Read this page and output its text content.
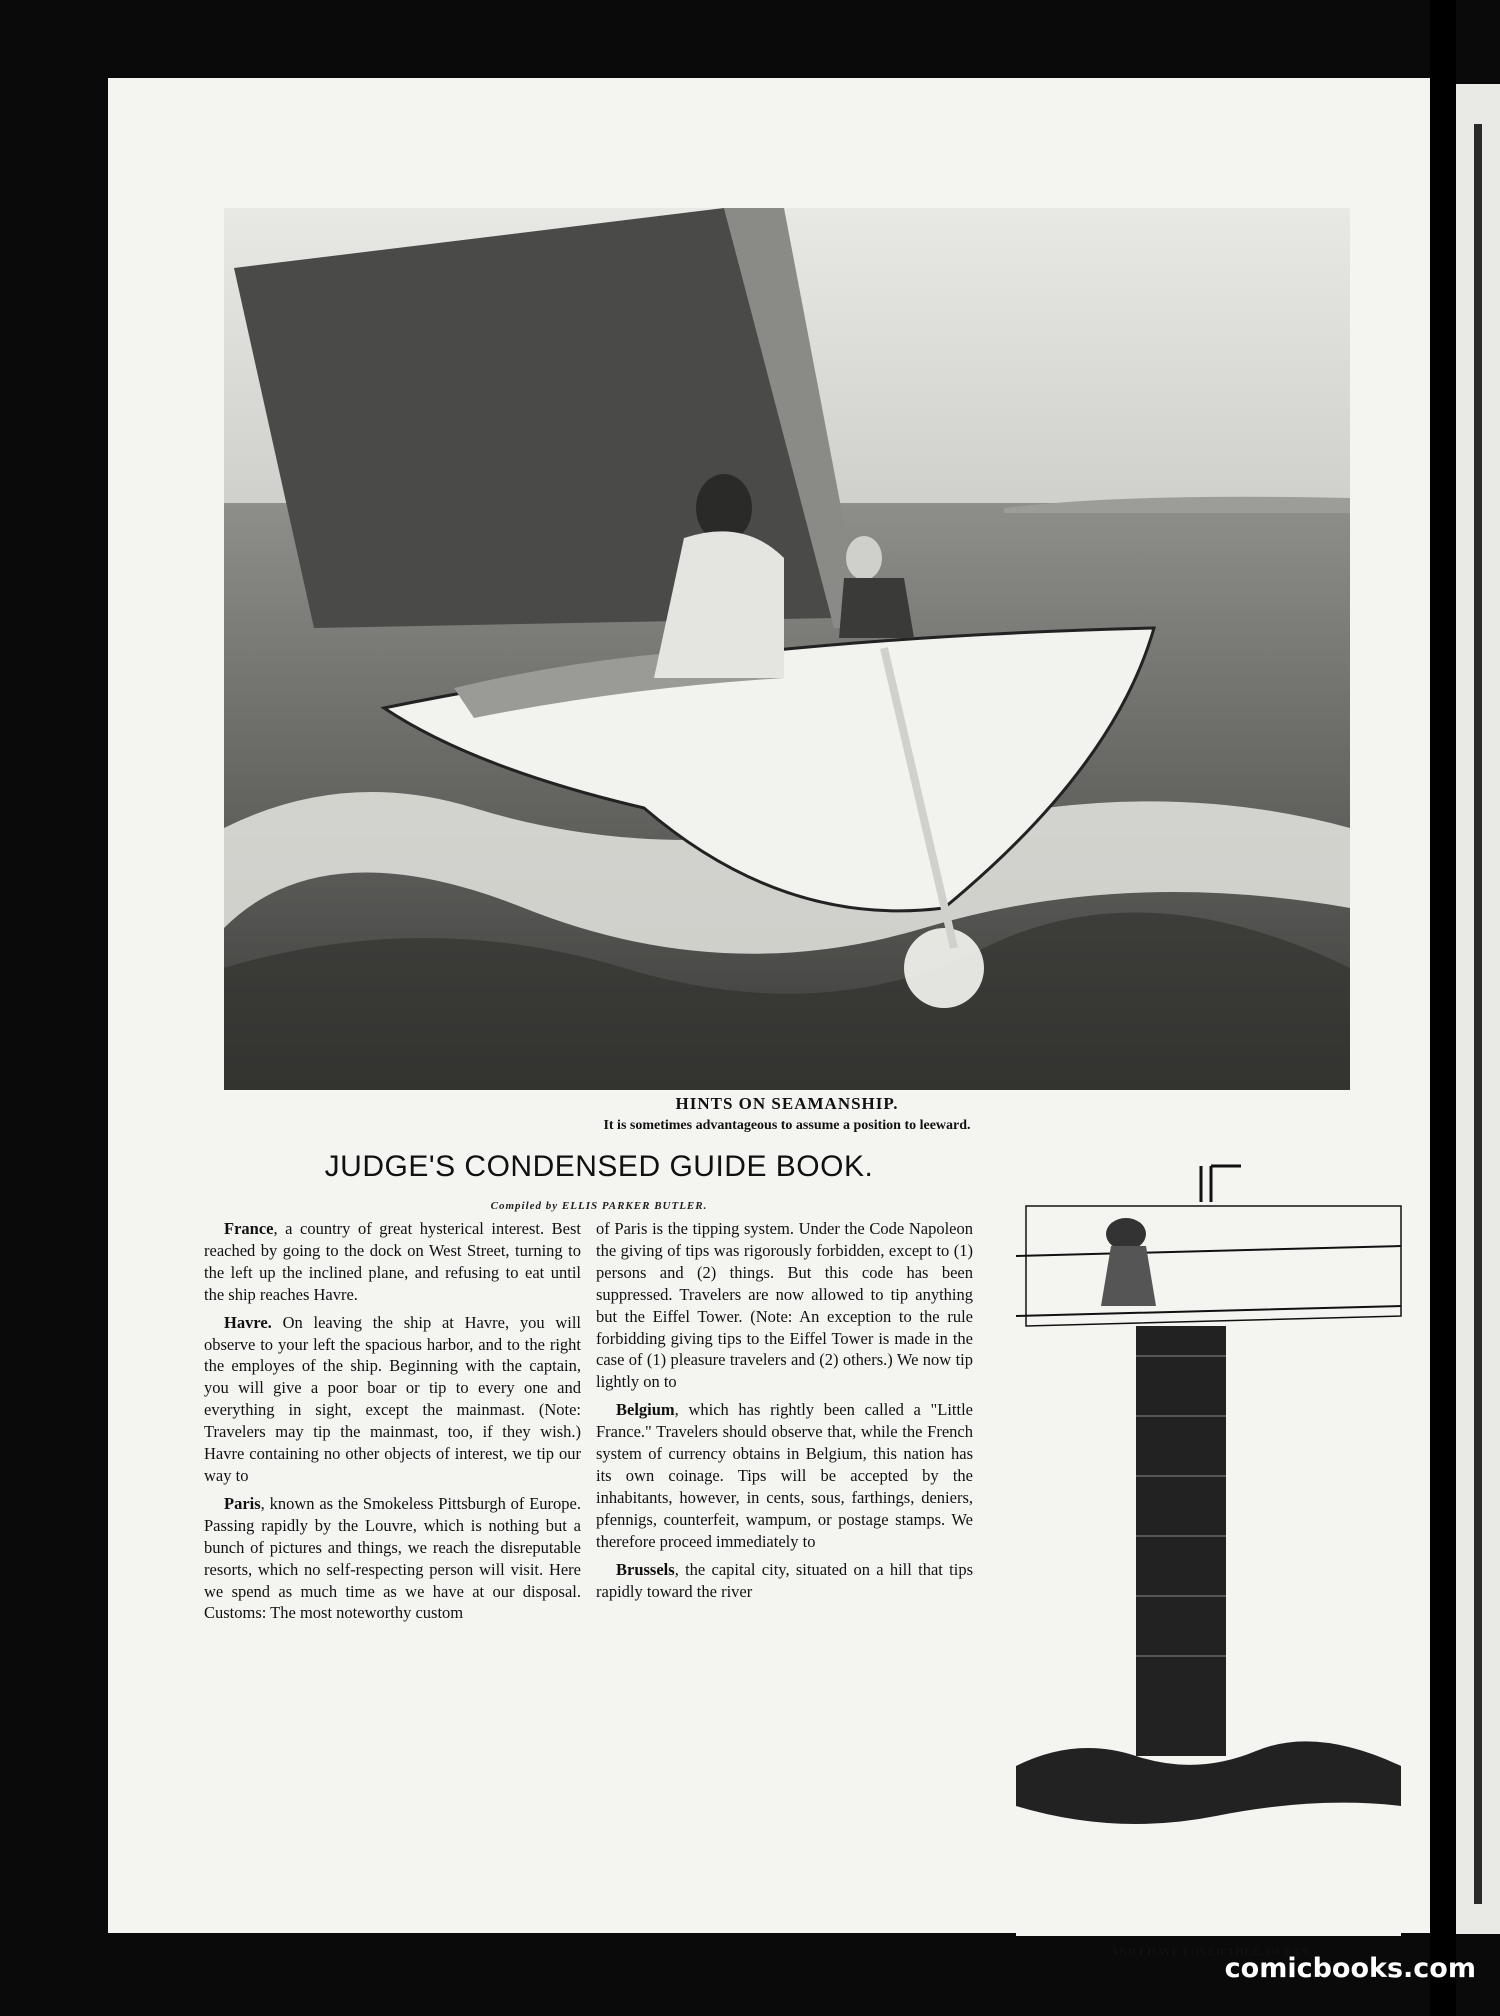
HINTS ON SEAMANSHIP.
It is sometimes advantageous to assume a position to leeward.
JUDGE'S CONDENSED GUIDE BOOK.
Compiled by ELLIS PARKER BUTLER.

France, a country of great hysterical interest. Best reached by going to the dock on West Street, turning to the left up the inclined plane, and refusing to eat until the ship reaches Havre.

Havre. On leaving the ship at Havre, you will observe to your left the spacious harbor, and to the right the employes of the ship. Beginning with the captain, you will give a poor boar or tip to every one and everything in sight, except the mainmast. (Note: Travelers may tip the mainmast, too, if they wish.) Havre containing no other objects of interest, we tip our way to

Paris, known as the Smokeless Pittsburgh of Europe. Passing rapidly by the Louvre, which is nothing but a bunch of pictures and things, we reach the disreputable resorts, which no self-respecting person will visit. Here we spend as much time as we have at our disposal. Customs: The most noteworthy custom

of Paris is the tipping system. Under the Code Napoleon the giving of tips was rigorously forbidden, except to (1) persons and (2) things. But this code has been suppressed. Travelers are now allowed to tip anything but the Eiffel Tower. (Note: An exception to the rule forbidding giving tips to the Eiffel Tower is made in the case of (1) pleasure travelers and (2) others.) We now tip lightly on to

Belgium, which has rightly been called a "Little France." Travelers should observe that, while the French system of currency obtains in Belgium, this nation has its own coinage. Tips will be accepted by the inhabitants, however, in cents, sous, farthings, deniers, pfennigs, counterfeit, wampum, or postage stamps. We therefore proceed immediately to

Brussels, the capital city, situated on a hill that tips rapidly toward the river

"AND I HAVE LOVED THEE, OCEAN.
comicbooks.com
